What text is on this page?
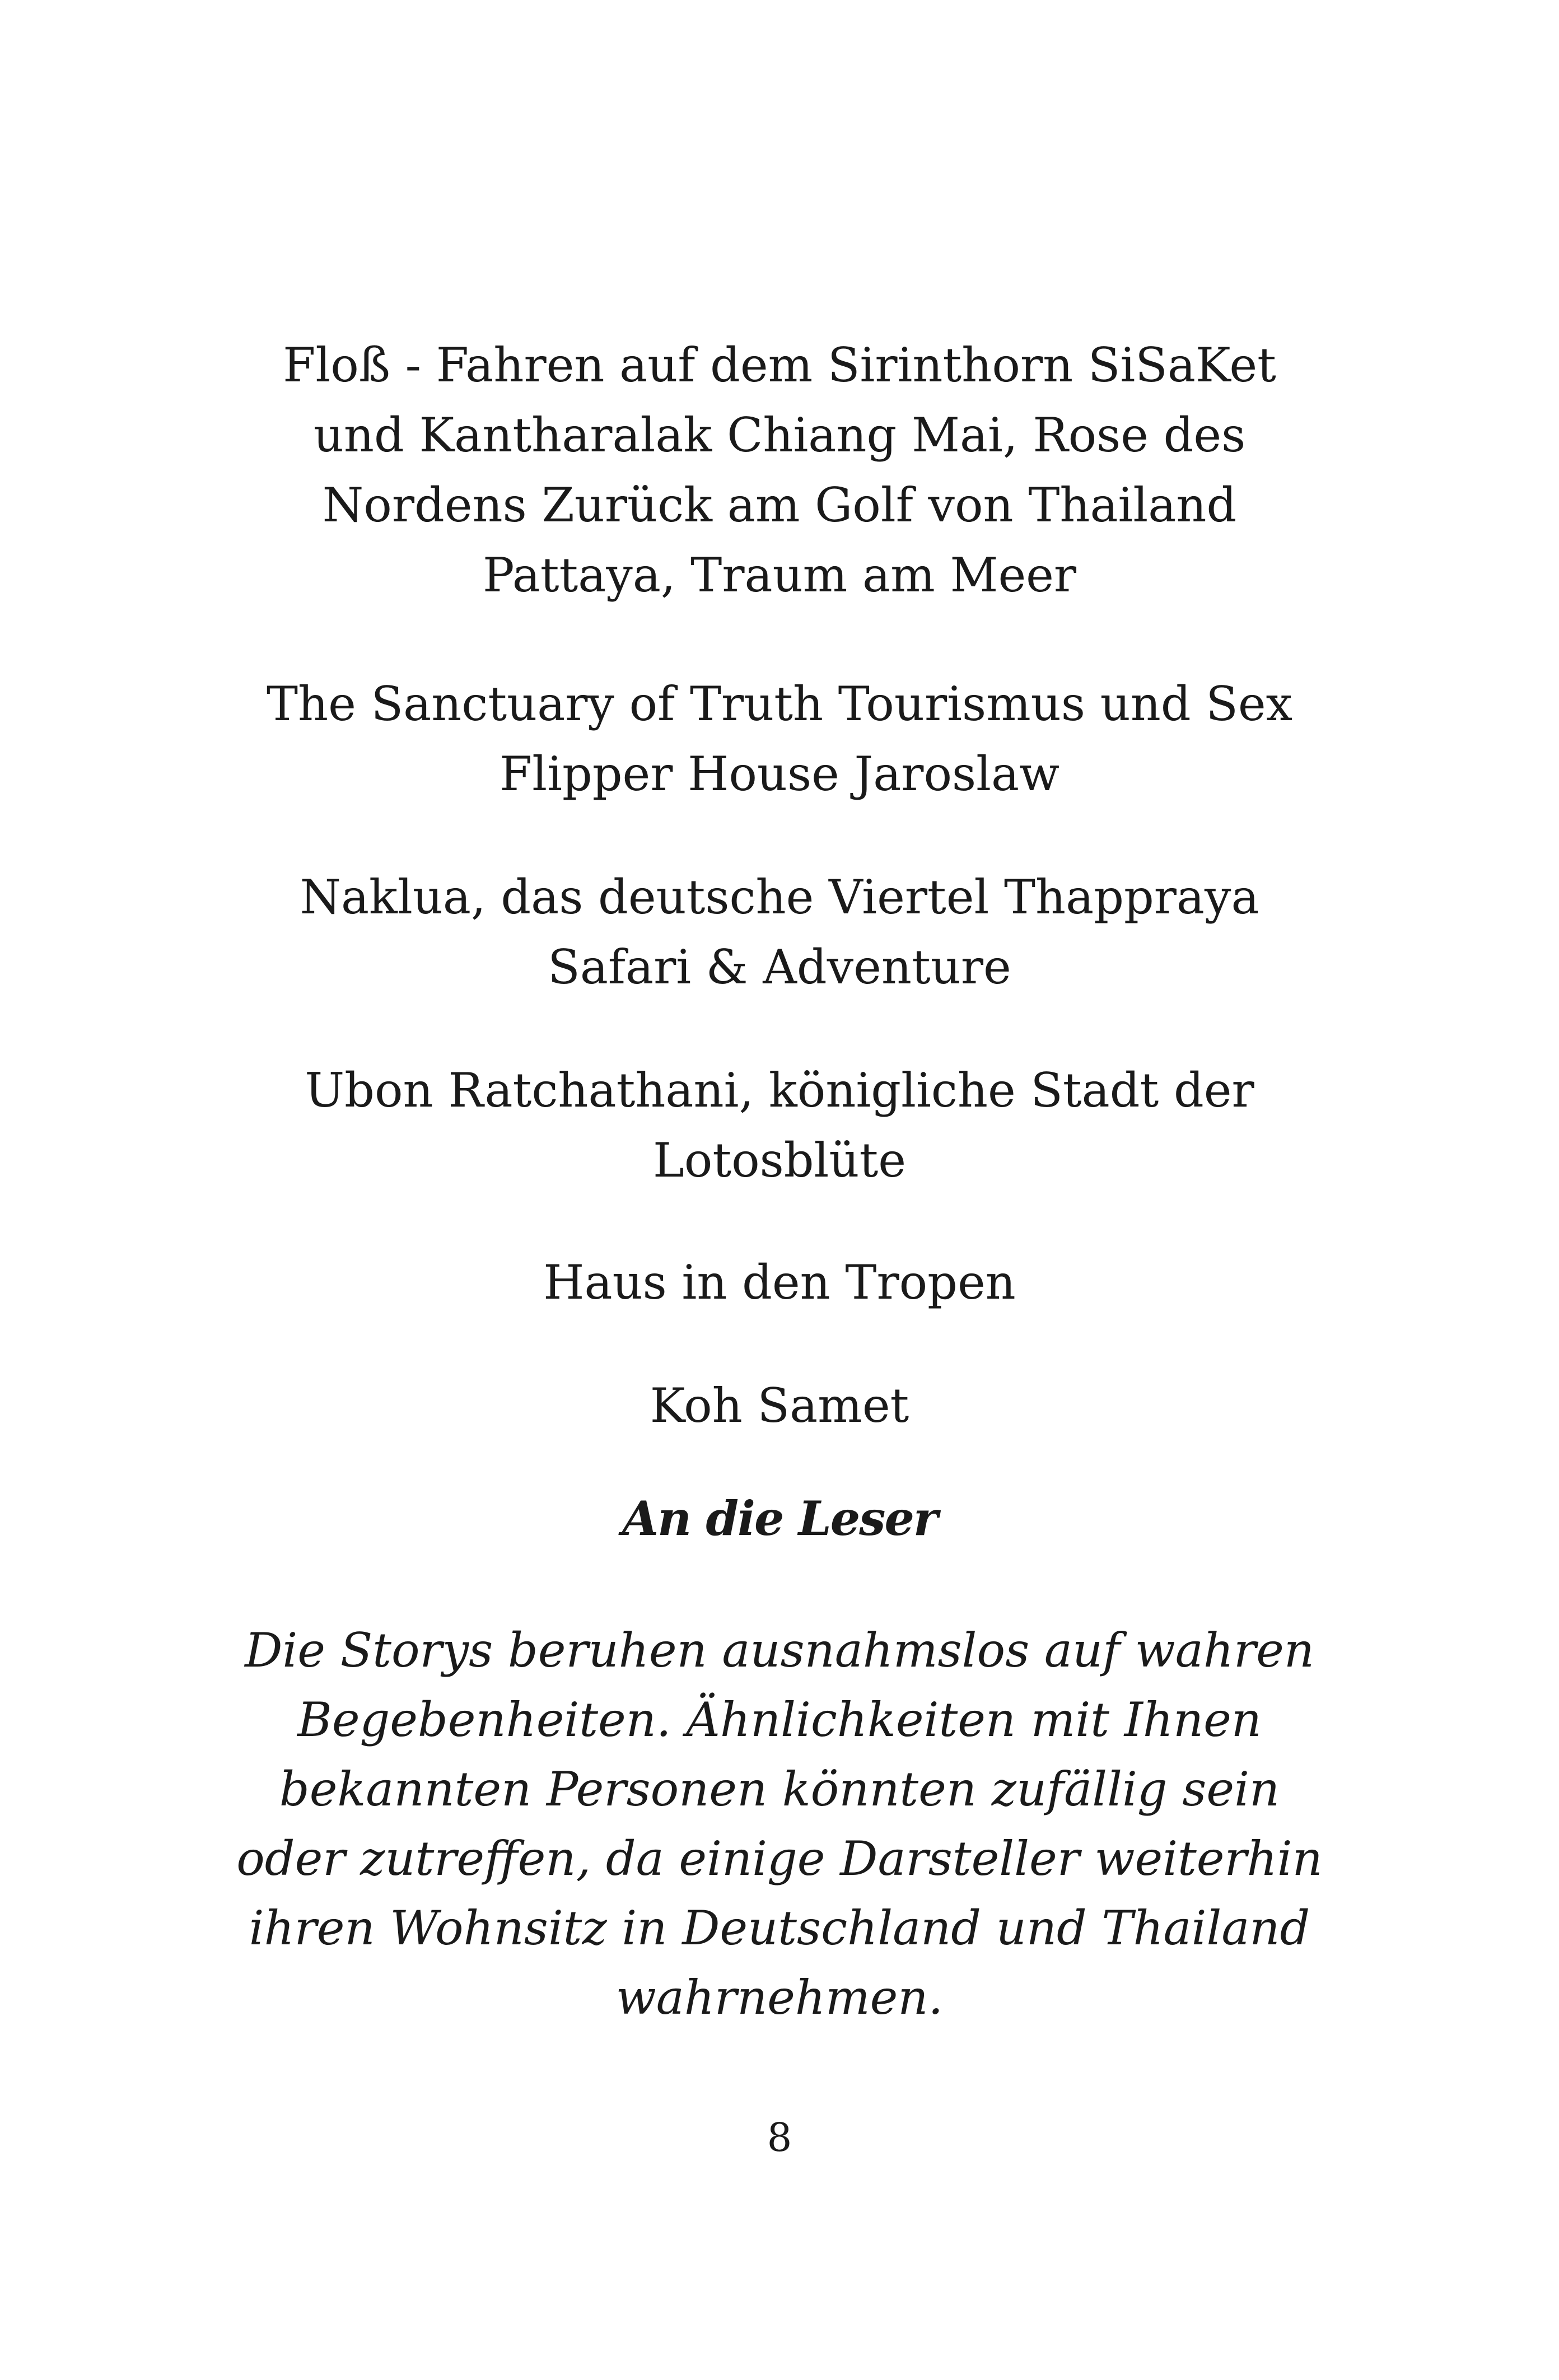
Floß - Fahren auf dem Sirinthorn SiSaKet
und Kantharalak Chiang Mai, Rose des
Nordens Zurück am Golf von Thailand
Pattaya, Traum am Meer
The Sanctuary of Truth Tourismus und Sex
Flipper House Jaroslaw
Naklua, das deutsche Viertel Thappraya
Safari & Adventure
Ubon Ratchathani, königliche Stadt der
Lotosblüte
Haus in den Tropen
Koh Samet
An die Leser
Die Storys beruhen ausnahmslos auf wahren
Begebenheiten. Ähnlichkeiten mit Ihnen
bekannten Personen könnten zufällig sein
oder zutreffen, da einige Darsteller weiterhin
ihren Wohnsitz in Deutschland und Thailand
wahrnehmen.
8
